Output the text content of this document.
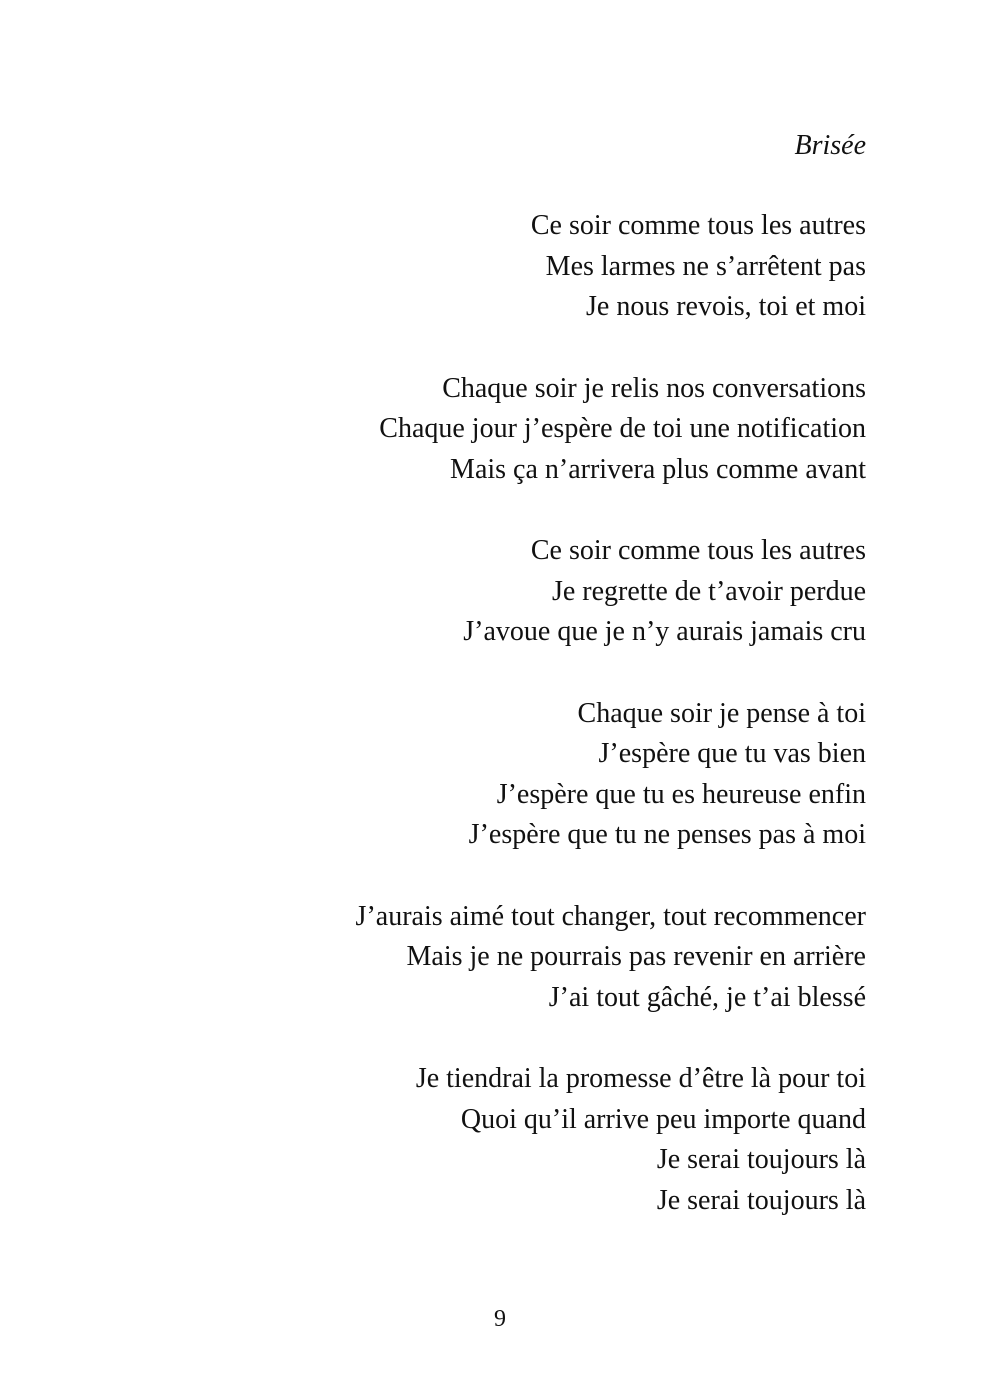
Brisée
Ce soir comme tous les autres
Mes larmes ne s’arrêtent pas
Je nous revois, toi et moi
Chaque soir je relis nos conversations
Chaque jour j’espère de toi une notification
Mais ça n’arrivera plus comme avant
Ce soir comme tous les autres
Je regrette de t’avoir perdue
J’avoue que je n’y aurais jamais cru
Chaque soir je pense à toi
J’espère que tu vas bien
J’espère que tu es heureuse enfin
J’espère que tu ne penses pas à moi
J’aurais aimé tout changer, tout recommencer
Mais je ne pourrais pas revenir en arrière
J’ai tout gâché, je t’ai blessé
Je tiendrai la promesse d’être là pour toi
Quoi qu’il arrive peu importe quand
Je serai toujours là
Je serai toujours là
9
